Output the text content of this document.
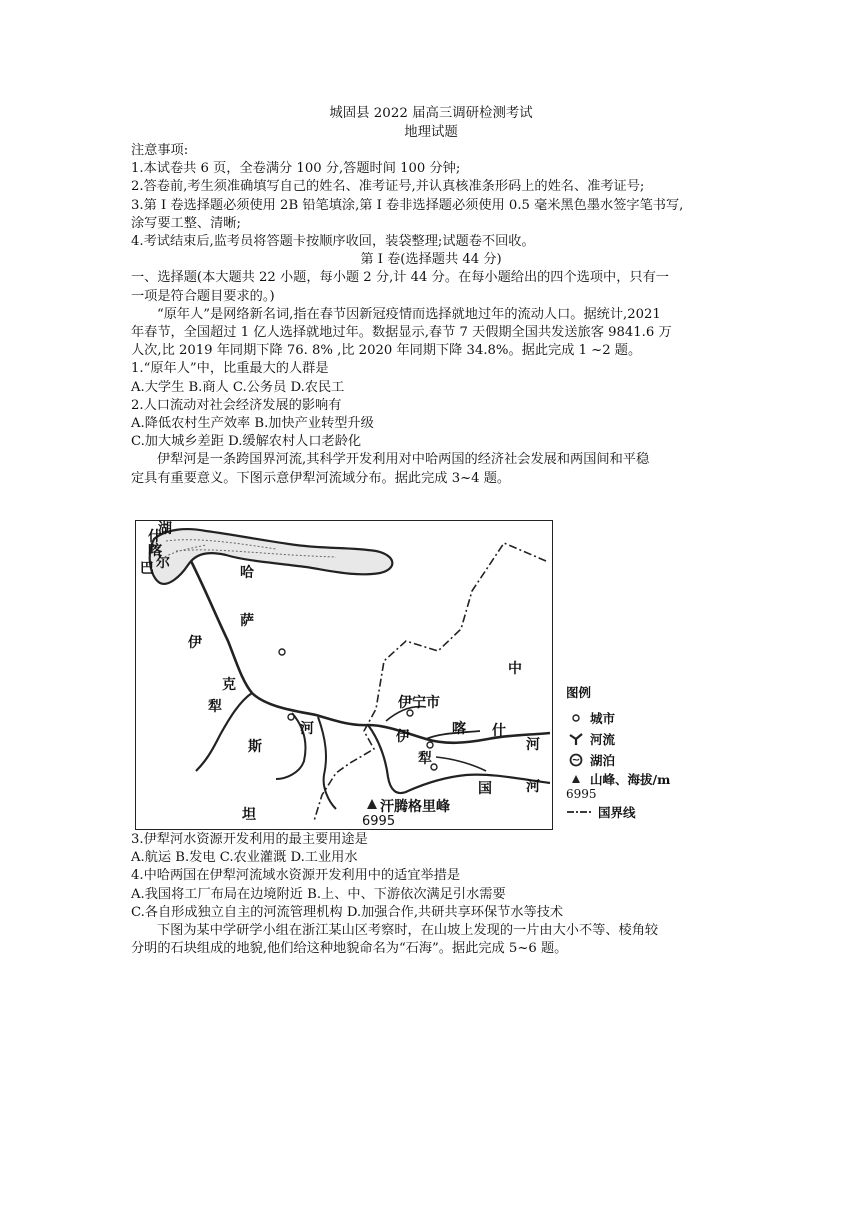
城固县 2022 届高三调研检测考试
地理试题
注意事项:
1.本试卷共 6 页，全卷满分 100 分,答题时间 100 分钟;
2.答卷前,考生须准确填写自己的姓名、准考证号,并认真核准条形码上的姓名、准考证号;
3.第 I 卷选择题必须使用 2B 铅笔填涂,第 I 卷非选择题必须使用 0.5 毫米黑色墨水签字笔书写,
涂写要工整、清晰;
4.考试结束后,监考员将答题卡按顺序收回，装袋整理;试题卷不回收。
第 I 卷(选择题共 44 分)
一、选择题(本大题共 22 小题，每小题 2 分,计 44 分。在每小题给出的四个选项中，只有一
一项是符合题目要求的。)
“原年人”是网络新名词,指在春节因新冠疫情而选择就地过年的流动人口。据统计,2021
年春节，全国超过 1 亿人选择就地过年。数据显示,春节 7 天假期全国共发送旅客 9841.6 万
人次,比 2019 年同期下降 76. 8% ,比 2020 年同期下降 34.8%。据此完成 1 ~2 题。
1.“原年人”中，比重最大的人群是
A.大学生 B.商人 C.公务员 D.农民工
2.人口流动对社会经济发展的影响有
A.降低农村生产效率 B.加快产业转型升级
C.加大城乡差距 D.缓解农村人口老龄化
伊犁河是一条跨国界河流,其科学开发利用对中哈两国的经济社会发展和两国间和平稳
定具有重要意义。下图示意伊犁河流域分布。据此完成 3~4 题。
巴 尔
喀
什
湖
哈
萨
克
斯
坦
伊
犁
河	伊
犁
喀 什
河
河
中
国
伊宁市
汗腾格里峰
6995
图例
城市
河流
湖泊
山峰、海拔/m
6995
国界线
3.伊犁河水资源开发利用的最主要用途是
A.航运 B.发电 C.农业灌溉 D.工业用水
4.中哈两国在伊犁河流域水资源开发利用中的适宜举措是
A.我国将工厂布局在边境附近 B.上、中、下游依次满足引水需要
C.各自形成独立自主的河流管理机构 D.加强合作,共研共享环保节水等技术
下图为某中学研学小组在浙江某山区考察时，在山坡上发现的一片由大小不等、棱角较
分明的石块组成的地貌,他们给这种地貌命名为“石海”。据此完成 5~6 题。
